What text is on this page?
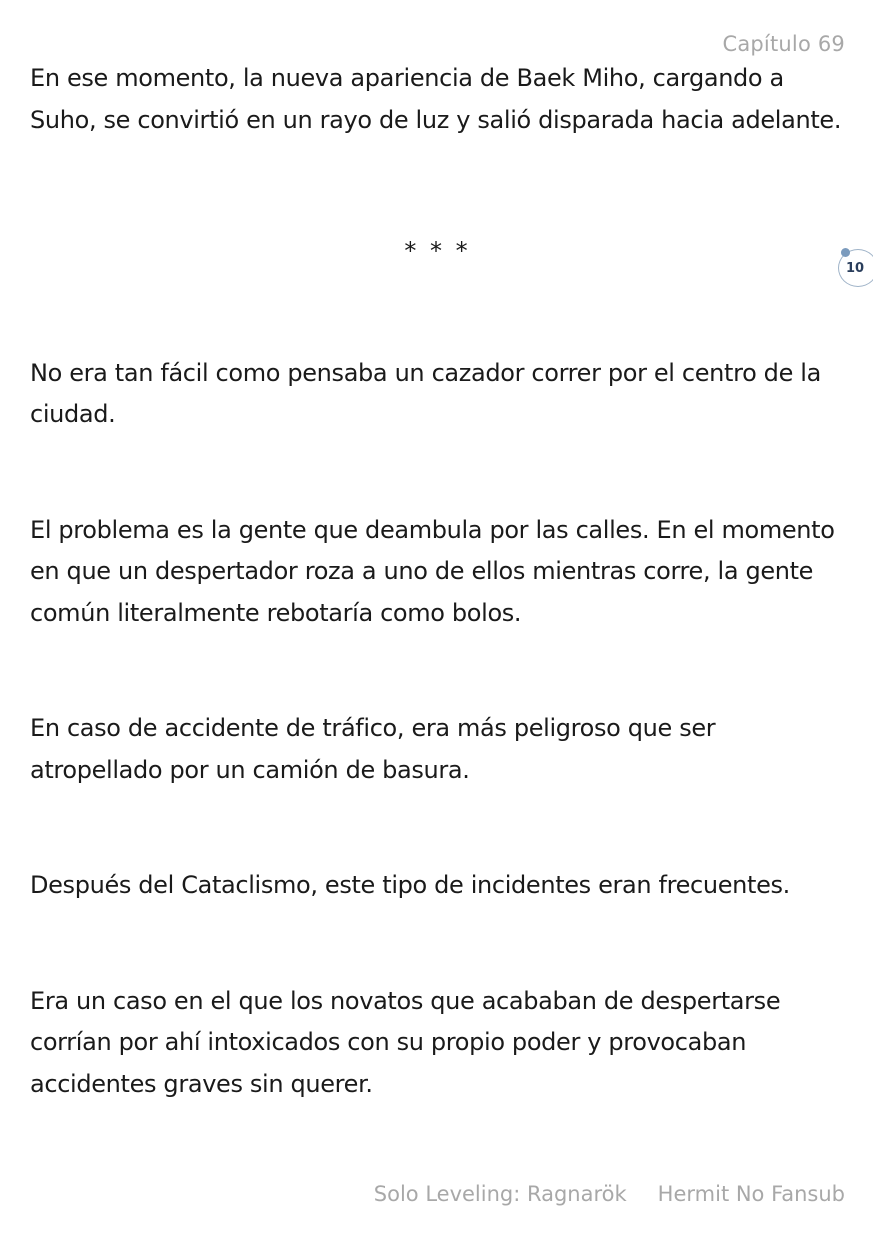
Capítulo 69

En ese momento, la nueva apariencia de Baek Miho, cargando a Suho, se convirtió en un rayo de luz y salió disparada hacia adelante.

* * *

No era tan fácil como pensaba un cazador correr por el centro de la ciudad.

El problema es la gente que deambula por las calles. En el momento en que un despertador roza a uno de ellos mientras corre, la gente común literalmente rebotaría como bolos.

En caso de accidente de tráfico, era más peligroso que ser atropellado por un camión de basura.

Después del Cataclismo, este tipo de incidentes eran frecuentes.

Era un caso en el que los novatos que acababan de despertarse corrían por ahí intoxicados con su propio poder y provocaban accidentes graves sin querer.

10
Solo Leveling: Ragnarök Hermit No Fansub
